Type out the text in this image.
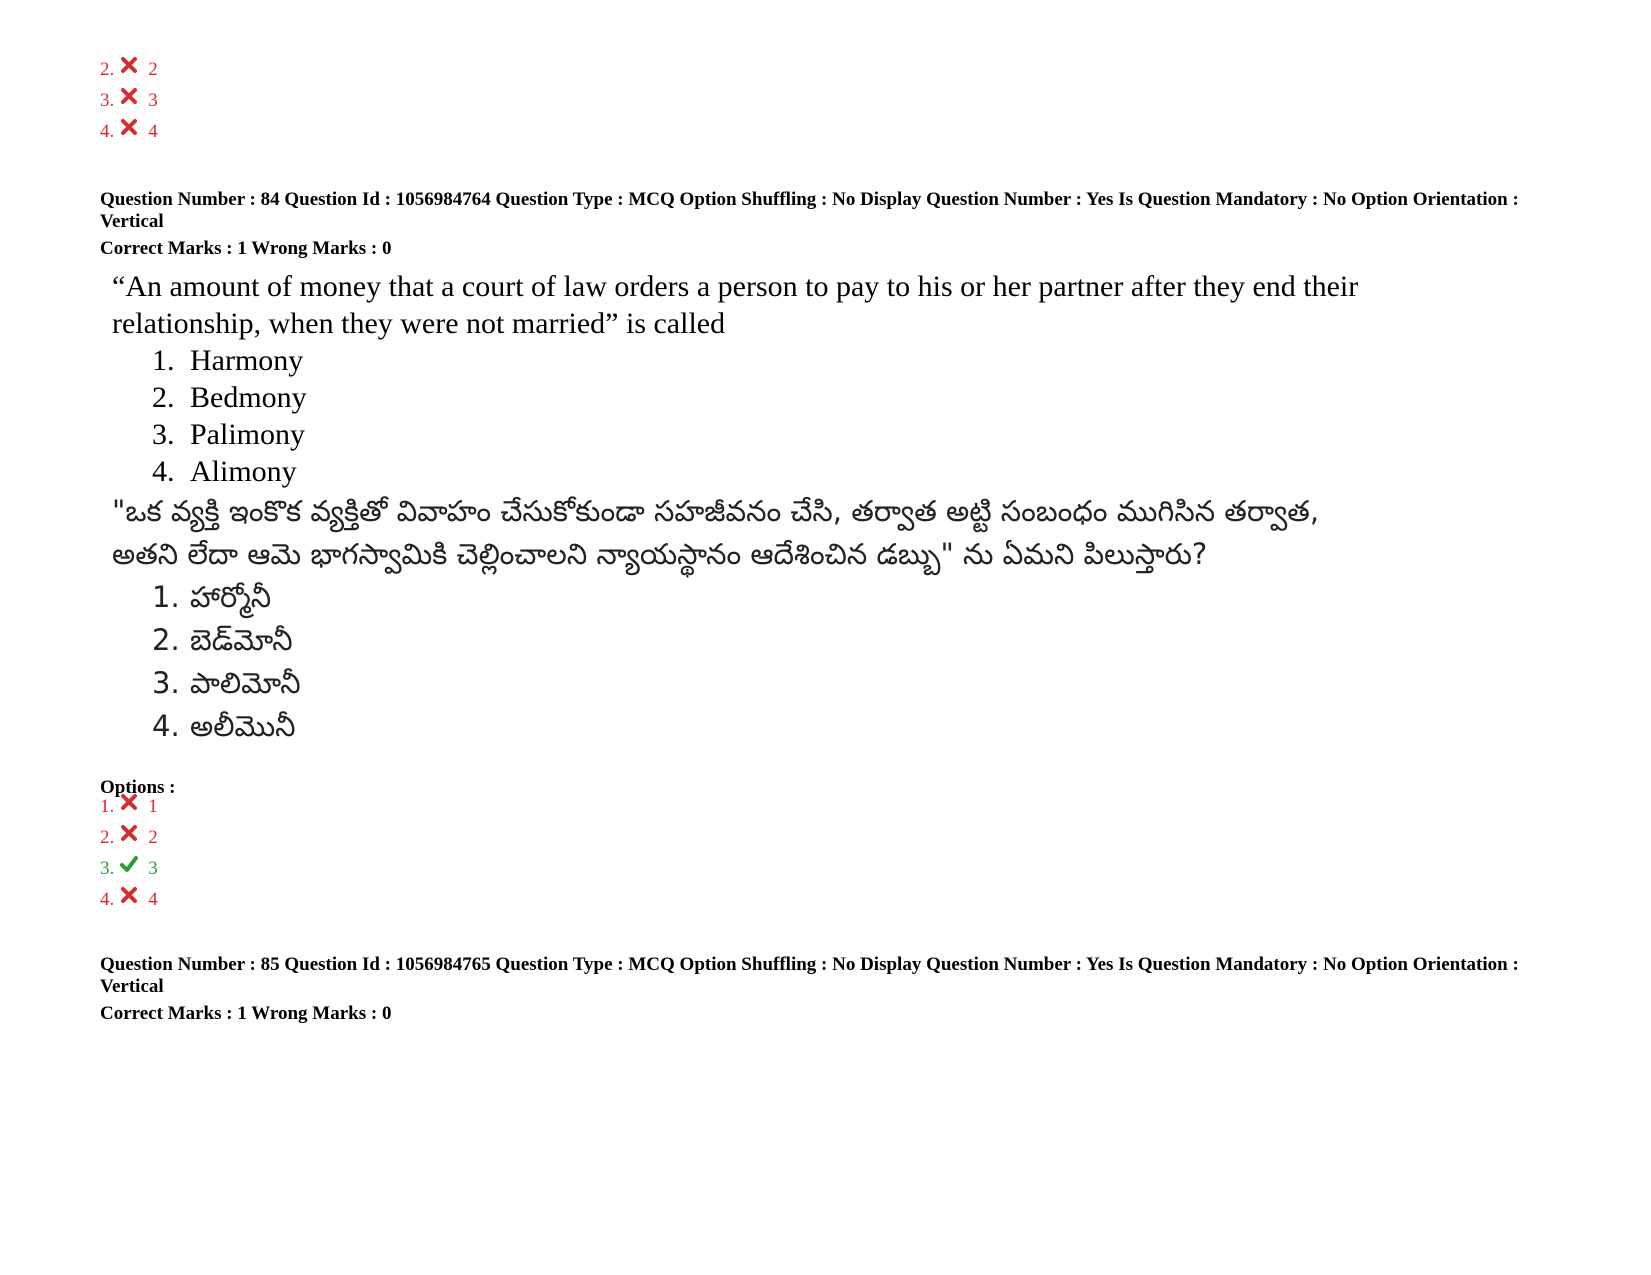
2. 2
3. 3
4. 4
Question Number : 84 Question Id : 1056984764 Question Type : MCQ Option Shuffling : No Display Question Number : Yes Is Question Mandatory : No Option Orientation : Vertical
Correct Marks : 1 Wrong Marks : 0

“An amount of money that a court of law orders a person to pay to his or her partner after they end their relationship, when they were not married” is called

1. Harmony
2. Bedmony
3. Palimony
4. Alimony

"ఒక వ్యక్తి ఇంకొక వ్యక్తితో వివాహం చేసుకోకుండా సహజీవనం చేసి, తర్వాత అట్టి సంబంధం ముగిసిన తర్వాత, అతని లేదా ఆమె భాగస్వామికి చెల్లించాలని న్యాయస్థానం ఆదేశించిన డబ్బు" ను ఏమని పిలుస్తారు?

1. హార్మోనీ
2. బెడ్‌మోనీ
3. పాలిమోనీ
4. అలీమొనీ
Options :
1. 1
2. 2
3. 3
4. 4
Question Number : 85 Question Id : 1056984765 Question Type : MCQ Option Shuffling : No Display Question Number : Yes Is Question Mandatory : No Option Orientation : Vertical
Correct Marks : 1 Wrong Marks : 0
